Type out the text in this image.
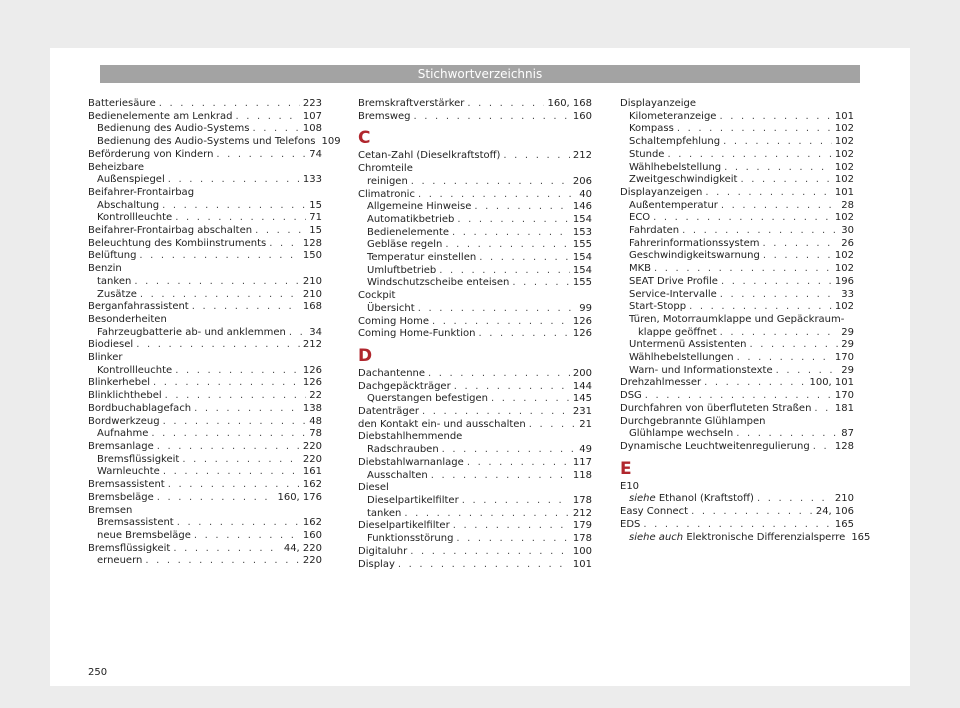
Stichwortverzeichnis
Batteriesäure . . .	223
Bedienelemente am Lenkrad . . .	107
Bedienung des Audio-Systems . . .	108
Bedienung des Audio-Systems und Telefons . . . 109
Beförderung von Kindern . . .	74
Beheizbare
Außenspiegel . . .	133
Beifahrer-Frontairbag
Abschaltung . . .	15
Kontrollleuchte . . .	71
Beifahrer-Frontairbag abschalten . . .	15
Beleuchtung des Kombiinstruments . . .	128
Belüftung . . .	150
Benzin
tanken . . .	210
Zusätze . . .	210
Berganfahrassistent . . .	168
Besonderheiten
Fahrzeugbatterie ab- und anklemmen . . .	34
Biodiesel . . .	212
Blinker
Kontrollleuchte . . .	126
Blinkerhebel . . .	126
Blinklichthebel . . .	22
Bordbuchablagefach . . .	138
Bordwerkzeug . . .	48
Aufnahme . . .	78
Bremsanlage . . .	220
Bremsflüssigkeit . . .	220
Warnleuchte . . .	161
Bremsassistent . . .	162
Bremsbeläge . . .	160, 176
Bremsen
Bremsassistent . . .	162
neue Bremsbeläge . . .	160
Bremsflüssigkeit . . .	44, 220
erneuern . . .	220
Bremskraftverstärker . . .	160, 168
Bremsweg . . .	160
C
Cetan-Zahl (Dieselkraftstoff) . . .	212
Chromteile
reinigen . . .	206
Climatronic . . .	40
Allgemeine Hinweise . . .	146
Automatikbetrieb . . .	154
Bedienelemente . . .	153
Gebläse regeln . . .	155
Temperatur einstellen . . .	154
Umluftbetrieb . . .	154
Windschutzscheibe enteisen . . .	155
Cockpit
Übersicht . . .	99
Coming Home . . .	126
Coming Home-Funktion . . .	126
D
Dachantenne . . .	200
Dachgepäckträger . . .	144
Querstangen befestigen . . .	145
Datenträger . . .	231
den Kontakt ein- und ausschalten . . .	21
Diebstahlhemmende
Radschrauben . . .	49
Diebstahlwarnanlage . . .	117
Ausschalten . . .	118
Diesel
Dieselpartikelfilter . . .	178
tanken . . .	212
Dieselpartikelfilter . . .	179
Funktionsstörung . . .	178
Digitaluhr . . .	100
Display . . .	101
Displayanzeige
Kilometeranzeige . . .	101
Kompass . . .	102
Schaltempfehlung . . .	102
Stunde . . .	102
Wählhebelstellung . . .	102
Zweitgeschwindigkeit . . .	102
Displayanzeigen . . .	101
Außentemperatur . . .	28
ECO . . .	102
Fahrdaten . . .	30
Fahrerinformationssystem . . .	26
Geschwindigkeitswarnung . . .	102
MKB . . .	102
SEAT Drive Profile . . .	196
Service-Intervalle . . .	33
Start-Stopp . . .	102
Türen, Motorraumklappe und Gepäckraum-
klappe geöffnet . . .	29
Untermenü Assistenten . . .	29
Wählhebelstellungen . . .	170
Warn- und Informationstexte . . .	29
Drehzahlmesser . . .	100, 101
DSG . . .	170
Durchfahren von überfluteten Straßen . . .	181
Durchgebrannte Glühlampen
Glühlampe wechseln . . .	87
Dynamische Leuchtweitenregulierung . . .	128
E
E10
siehe Ethanol (Kraftstoff) . . .	210
Easy Connect . . .	24, 106
EDS . . .	165
siehe auch Elektronische Differenzialsperre . . . 165
250
